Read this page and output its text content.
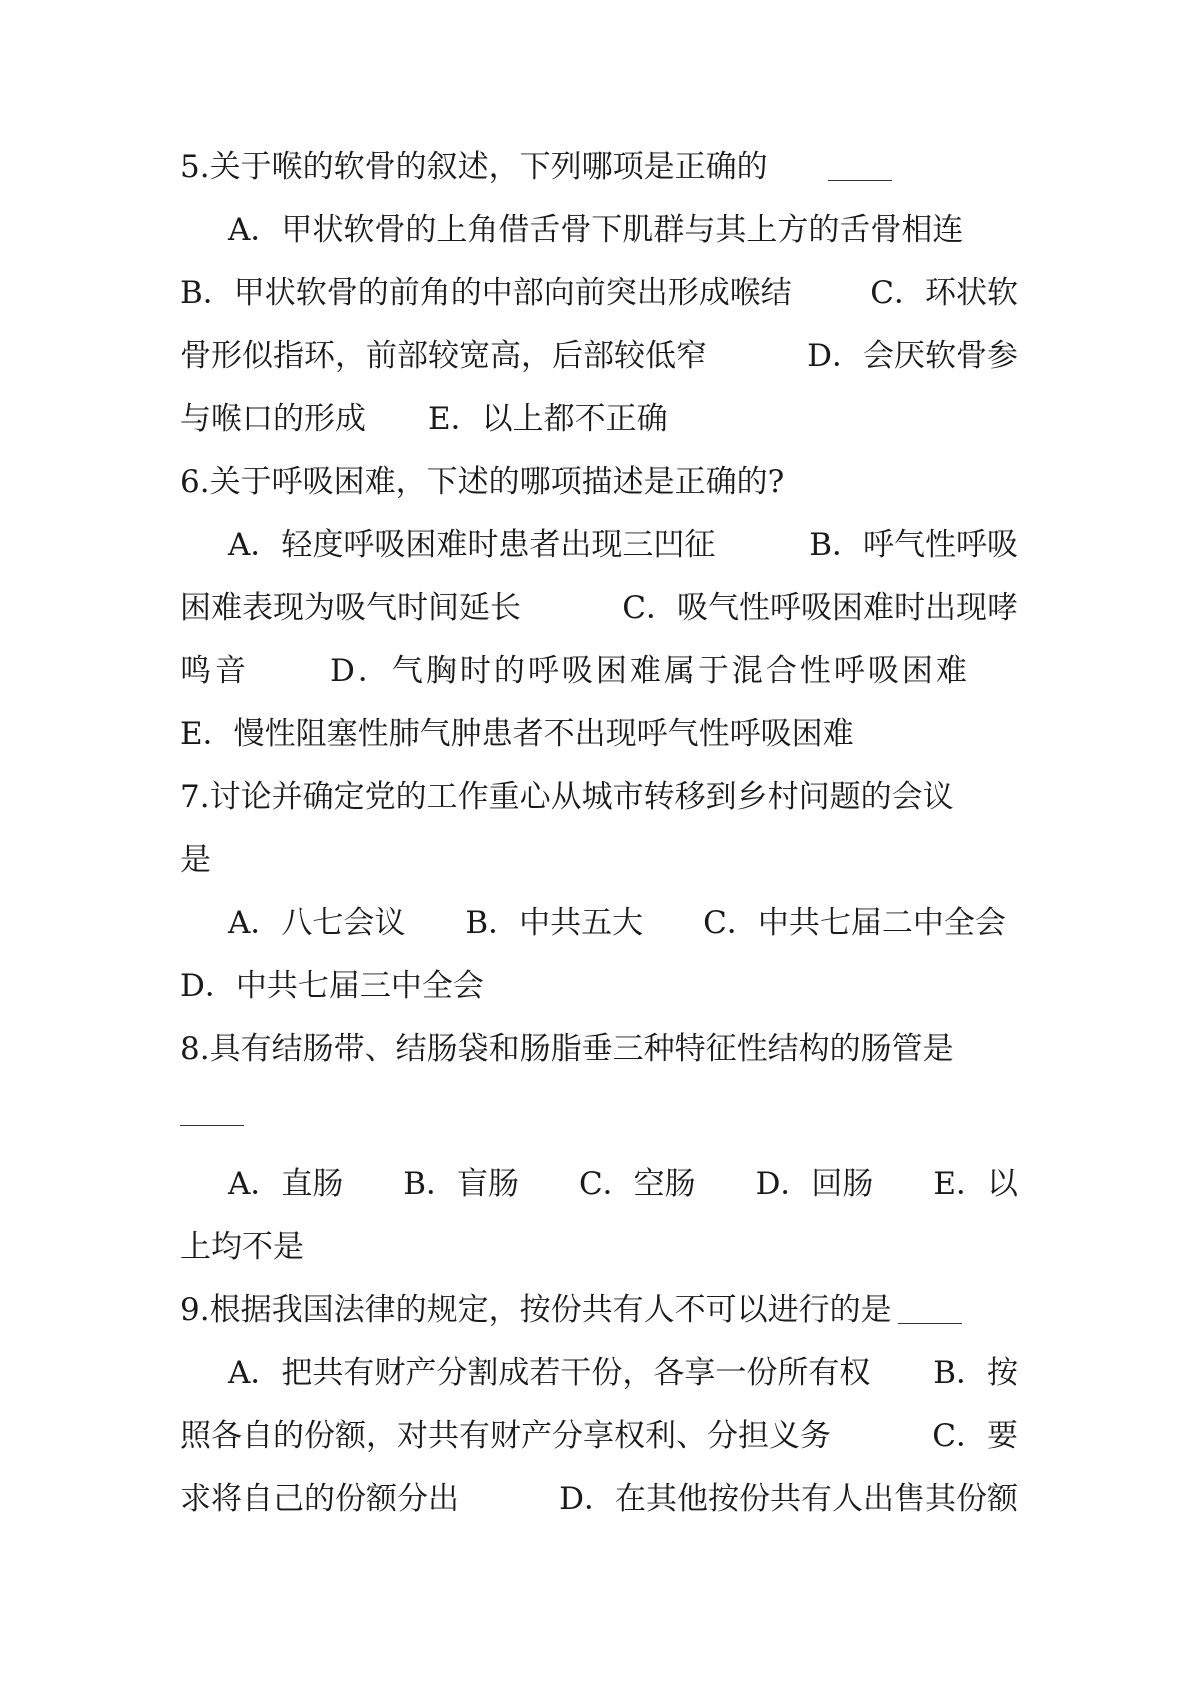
5.关于喉的软骨的叙述，下列哪项是正确的
A．甲状软骨的上角借舌骨下肌群与其上方的舌骨相连
B．甲状软骨的前角的中部向前突出形成喉结	C．环状软
骨形似指环，前部较宽高，后部较低窄	D．会厌软骨参
与喉口的形成 E．以上都不正确
6.关于呼吸困难，下述的哪项描述是正确的?
A．轻度呼吸困难时患者出现三凹征	B．呼气性呼吸
困难表现为吸气时间延长	C．吸气性呼吸困难时出现哮
鸣音	D．气胸时的呼吸困难属于混合性呼吸困难
E．慢性阻塞性肺气肿患者不出现呼气性呼吸困难
7.讨论并确定党的工作重心从城市转移到乡村问题的会议
是
A．八七会议 B．中共五大 C．中共七届二中全会
D．中共七届三中全会
8.具有结肠带、结肠袋和肠脂垂三种特征性结构的肠管是
A．直肠 B．盲肠 C．空肠 D．回肠 E．以
上均不是
9.根据我国法律的规定，按份共有人不可以进行的是
A．把共有财产分割成若干份，各享一份所有权 B．按
照各自的份额，对共有财产分享权利、分担义务	C．要
求将自己的份额分出	D．在其他按份共有人出售其份额
